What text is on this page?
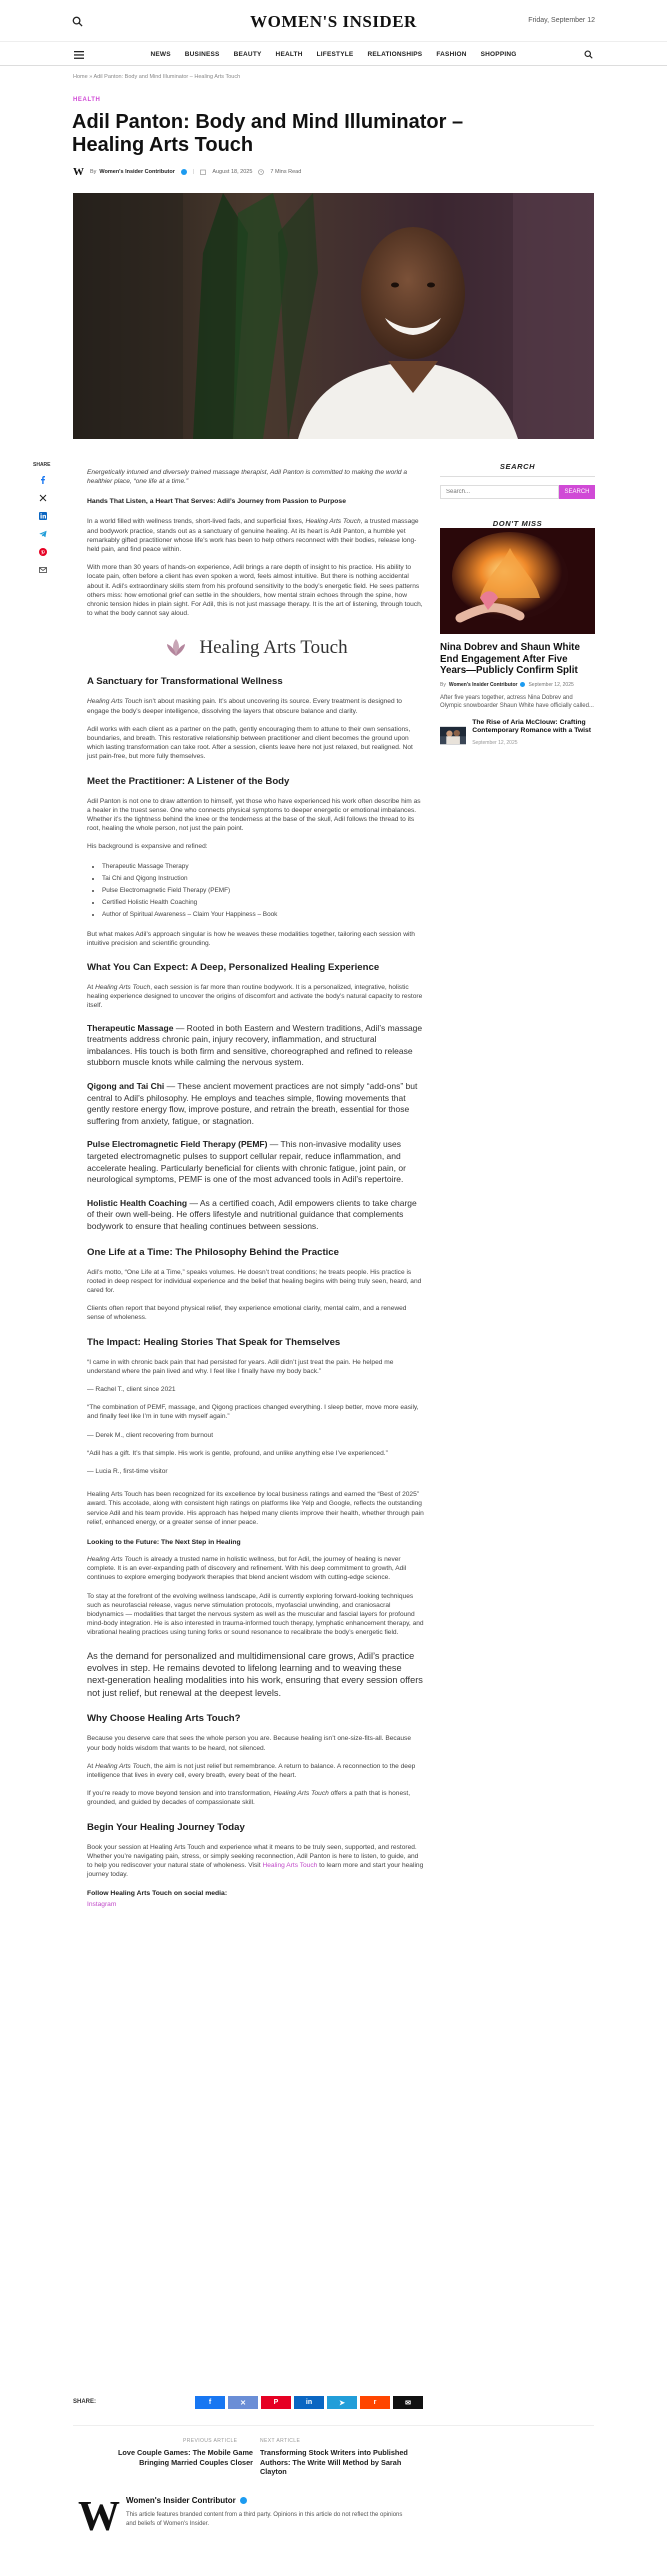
WOMEN'S INSIDER	Friday, September 12
NEWS BUSINESS BEAUTY HEALTH LIFESTYLE RELATIONSHIPS FASHION SHOPPING
Home » Adil Panton: Body and Mind Illuminator – Healing Arts Touch
HEALTH
Adil Panton: Body and Mind Illuminator – Healing Arts Touch
W By Women's Insider Contributor	|	August 18, 2025	7 Mins Read
SHARE

Energetically intuned and diversely trained massage therapist, Adil Panton is committed to making the world a healthier place, “one life at a time.”

Hands That Listen, a Heart That Serves: Adil’s Journey from Passion to Purpose

In a world filled with wellness trends, short-lived fads, and superficial fixes, Healing Arts Touch, a trusted massage and bodywork practice, stands out as a sanctuary of genuine healing. At its heart is Adil Panton, a humble yet remarkably gifted practitioner whose life’s work has been to help others reconnect with their bodies, release long-held pain, and find peace within.

With more than 30 years of hands-on experience, Adil brings a rare depth of insight to his practice. His ability to locate pain, often before a client has even spoken a word, feels almost intuitive. But there is nothing accidental about it. Adil’s extraordinary skills stem from his profound sensitivity to the body’s energetic field. He sees patterns others miss: how emotional grief can settle in the shoulders, how mental strain echoes through the spine, how chronic tension hides in plain sight. For Adil, this is not just massage therapy. It is the art of listening, through touch, to what the body cannot say aloud.

Healing Arts Touch
A Sanctuary for Transformational Wellness

Healing Arts Touch isn’t about masking pain. It’s about uncovering its source. Every treatment is designed to engage the body’s deeper intelligence, dissolving the layers that obscure balance and clarity.

Adil works with each client as a partner on the path, gently encouraging them to attune to their own sensations, boundaries, and breath. This restorative relationship between practitioner and client becomes the ground upon which lasting transformation can take root. After a session, clients leave here not just relaxed, but realigned. Not just pain-free, but more fully themselves.

Meet the Practitioner: A Listener of the Body

Adil Panton is not one to draw attention to himself, yet those who have experienced his work often describe him as a healer in the truest sense. One who connects physical symptoms to deeper energetic or emotional imbalances. Whether it’s the tightness behind the knee or the tenderness at the base of the skull, Adil follows the thread to its root, healing the whole person, not just the pain point.

His background is expansive and refined:

• Therapeutic Massage Therapy
• Tai Chi and Qigong Instruction
• Pulse Electromagnetic Field Therapy (PEMF)
• Certified Holistic Health Coaching
• Author of Spiritual Awareness – Claim Your Happiness – Book

But what makes Adil’s approach singular is how he weaves these modalities together, tailoring each session with intuitive precision and scientific grounding.

What You Can Expect: A Deep, Personalized Healing Experience

At Healing Arts Touch, each session is far more than routine bodywork. It is a personalized, integrative, holistic healing experience designed to uncover the origins of discomfort and activate the body’s natural capacity to restore itself.

Therapeutic Massage — Rooted in both Eastern and Western traditions, Adil’s massage treatments address chronic pain, injury recovery, inflammation, and structural imbalances. His touch is both firm and sensitive, choreographed and refined to release stubborn muscle knots while calming the nervous system.

Qigong and Tai Chi — These ancient movement practices are not simply “add-ons” but central to Adil’s philosophy. He employs and teaches simple, flowing movements that gently restore energy flow, improve posture, and retrain the breath, essential for those suffering from anxiety, fatigue, or stagnation.

Pulse Electromagnetic Field Therapy (PEMF) — This non-invasive modality uses targeted electromagnetic pulses to support cellular repair, reduce inflammation, and accelerate healing. Particularly beneficial for clients with chronic fatigue, joint pain, or neurological symptoms, PEMF is one of the most advanced tools in Adil’s repertoire.

Holistic Health Coaching — As a certified coach, Adil empowers clients to take charge of their own well-being. He offers lifestyle and nutritional guidance that complements bodywork to ensure that healing continues between sessions.

One Life at a Time: The Philosophy Behind the Practice

Adil’s motto, “One Life at a Time,” speaks volumes. He doesn’t treat conditions; he treats people. His practice is rooted in deep respect for individual experience and the belief that healing begins with being truly seen, heard, and cared for.

Clients often report that beyond physical relief, they experience emotional clarity, mental calm, and a renewed sense of wholeness.

The Impact: Healing Stories That Speak for Themselves

“I came in with chronic back pain that had persisted for years. Adil didn’t just treat the pain. He helped me understand where the pain lived and why. I feel like I finally have my body back.”

— Rachel T., client since 2021

“The combination of PEMF, massage, and Qigong practices changed everything. I sleep better, move more easily, and finally feel like I’m in tune with myself again.”

— Derek M., client recovering from burnout

“Adil has a gift. It’s that simple. His work is gentle, profound, and unlike anything else I’ve experienced.”

— Lucia R., first-time visitor

Healing Arts Touch has been recognized for its excellence by local business ratings and earned the “Best of 2025” award. This accolade, along with consistent high ratings on platforms like Yelp and Google, reflects the outstanding service Adil and his team provide. His approach has helped many clients improve their health, whether through pain relief, enhanced energy, or a greater sense of inner peace.

Looking to the Future: The Next Step in Healing

Healing Arts Touch is already a trusted name in holistic wellness, but for Adil, the journey of healing is never complete. It is an ever-expanding path of discovery and refinement. With his deep commitment to growth, Adil continues to explore emerging bodywork therapies that blend ancient wisdom with cutting-edge science.

To stay at the forefront of the evolving wellness landscape, Adil is currently exploring forward-looking techniques such as neurofascial release, vagus nerve stimulation protocols, myofascial unwinding, and craniosacral biodynamics — modalities that target the nervous system as well as the muscular and fascial layers for profound mind-body integration. He is also interested in trauma-informed touch therapy, lymphatic enhancement therapy, and vibrational healing practices using tuning forks or sound resonance to recalibrate the body’s energetic field.

As the demand for personalized and multidimensional care grows, Adil’s practice evolves in step. He remains devoted to lifelong learning and to weaving these next-generation healing modalities into his work, ensuring that every session offers not just relief, but renewal at the deepest levels.

Why Choose Healing Arts Touch?

Because you deserve care that sees the whole person you are. Because healing isn’t one-size-fits-all. Because your body holds wisdom that wants to be heard, not silenced.

At Healing Arts Touch, the aim is not just relief but remembrance. A return to balance. A reconnection to the deep intelligence that lives in every cell, every breath, every beat of the heart.

If you’re ready to move beyond tension and into transformation, Healing Arts Touch offers a path that is honest, grounded, and guided by decades of compassionate skill.

Begin Your Healing Journey Today

Book your session at Healing Arts Touch and experience what it means to be truly seen, supported, and restored. Whether you’re navigating pain, stress, or simply seeking reconnection, Adil Panton is here to listen, to guide, and to help you rediscover your natural state of wholeness. Visit Healing Arts Touch to learn more and start your healing journey today.

Follow Healing Arts Touch on social media:

Instagram

SEARCH
Search...
SEARCH
DON'T MISS
Nina Dobrev and Shaun White End Engagement After Five Years—Publicly Confirm Split
By Women's Insider Contributor September 12, 2025
After five years together, actress Nina Dobrev and Olympic snowboarder Shaun White have officially called...
The Rise of Aria McClouw: Crafting Contemporary Romance with a Twist
September 12, 2025
SHARE:	f	✕	P	in	➤	r	✉
PREVIOUS ARTICLE
Love Couple Games: The Mobile Game Bringing Married Couples Closer
NEXT ARTICLE
Transforming Stock Writers into Published Authors: The Write Will Method by Sarah Clayton
W Women's Insider Contributor
This article features branded content from a third party. Opinions in this article do not reflect the opinions and beliefs of Women's Insider.
